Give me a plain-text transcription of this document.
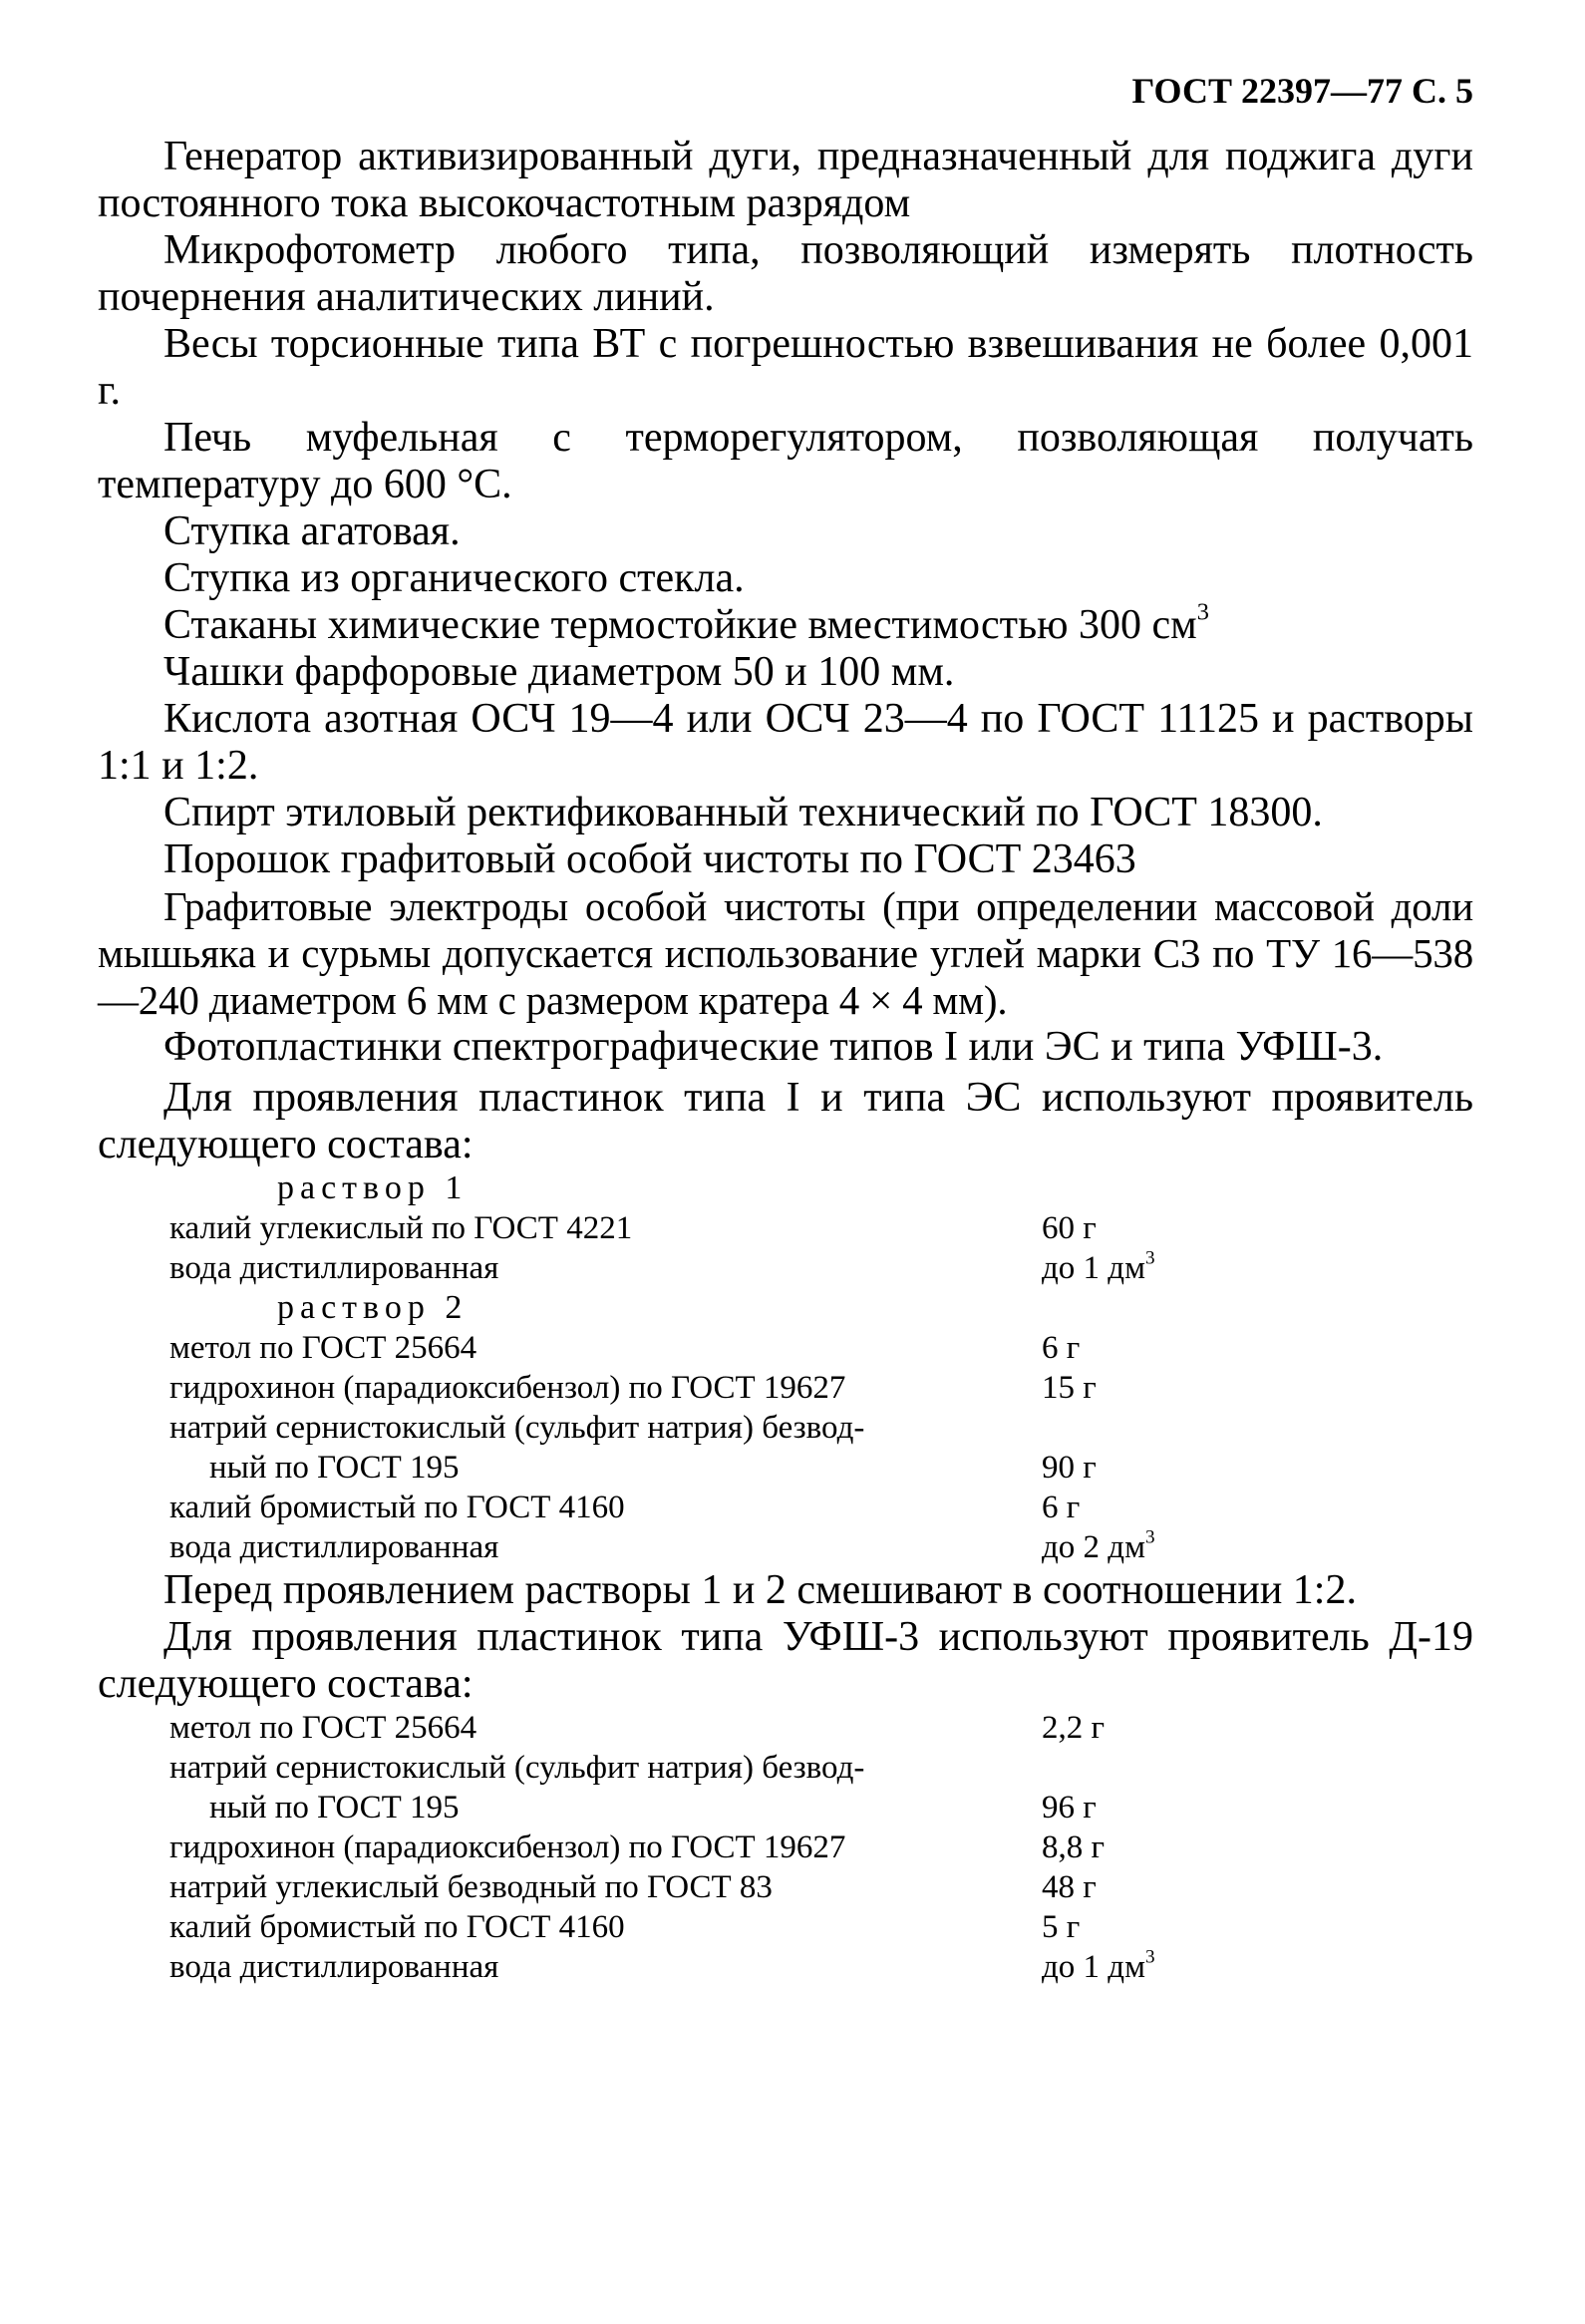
ГОСТ 22397—77 С. 5

Генератор активизированный дуги, предназначенный для поджига дуги постоянного тока высокочастотным разрядом

Микрофотометр любого типа, позволяющий измерять плотность почернения аналитических линий.

Весы торсионные типа ВТ с погрешностью взвешивания не более 0,001 г.

Печь муфельная с терморегулятором, позволяющая получать температуру до 600 °С.

Ступка агатовая.

Ступка из органического стекла.

Стаканы химические термостойкие вместимостью 300 $см^3$

Чашки фарфоровые диаметром 50 и 100 мм.

Кислота азотная ОСЧ 19—4 или ОСЧ 23—4 по ГОСТ 11125 и растворы 1:1 и 1:2.

Спирт этиловый ректификованный технический по ГОСТ 18300.

Порошок графитовый особой чистоты по ГОСТ 23463

Графитовые электроды особой чистоты (при определении массовой доли мышьяка и сурьмы допускается использование углей марки С3 по ТУ 16—538—240 диаметром 6 мм с размером кратера 4 × 4 мм).

Фотопластинки спектрографические типов I или ЭС и типа УФШ-3.

Для проявления пластинок типа I и типа ЭС используют проявитель следующего состава:

раствор 1
калий углекислый по ГОСТ 4221	60 г
вода дистиллированная	до 1 $дм^3$
раствор 2
метол по ГОСТ 25664	6 г
гидрохинон (парадиоксибензол) по ГОСТ 19627	15 г
натрий сернистокислый (сульфит натрия) безвод-
ный по ГОСТ 195	90 г
калий бромистый по ГОСТ 4160	6 г
вода дистиллированная	до 2 $дм^3$

Перед проявлением растворы 1 и 2 смешивают в соотношении 1:2.

Для проявления пластинок типа УФШ-3 используют проявитель Д-19 следующего состава:

метол по ГОСТ 25664	2,2 г
натрий сернистокислый (сульфит натрия) безвод-
ный по ГОСТ 195	96 г
гидрохинон (парадиоксибензол) по ГОСТ 19627	8,8 г
натрий углекислый безводный по ГОСТ 83	48 г
калий бромистый по ГОСТ 4160	5 г
вода дистиллированная	до 1 $дм^3$
